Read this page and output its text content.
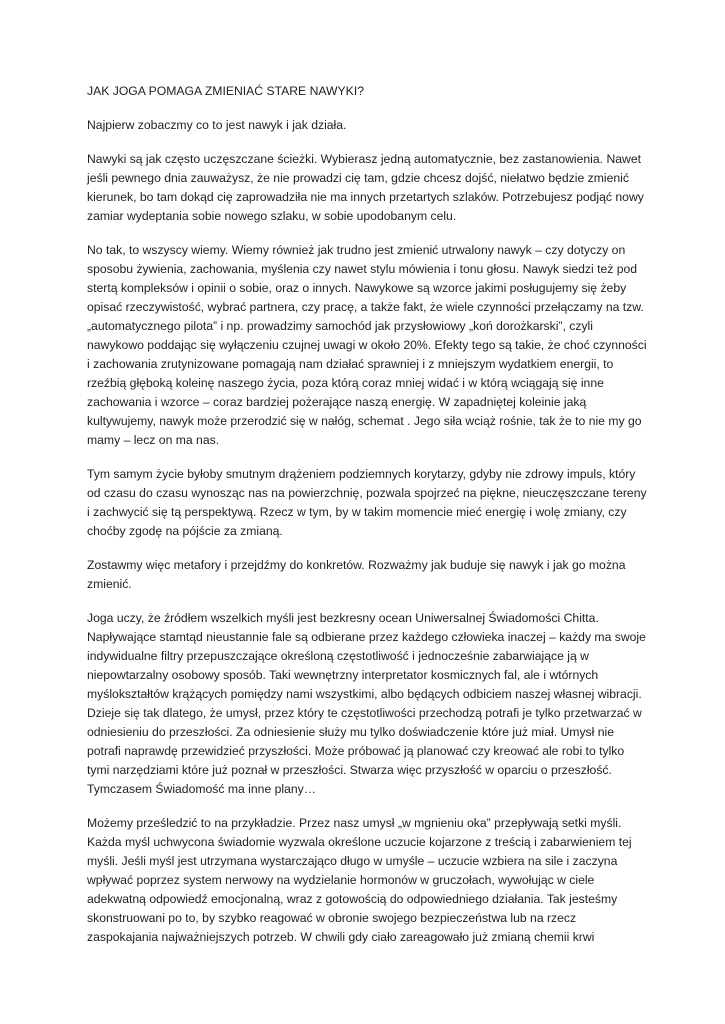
JAK JOGA POMAGA ZMIENIAĆ STARE NAWYKI?

Najpierw zobaczmy co to jest nawyk i jak działa.

Nawyki są jak często uczęszczane ścieżki. Wybierasz jedną automatycznie, bez zastanowienia. Nawet jeśli pewnego dnia zauważysz, że nie prowadzi cię tam, gdzie chcesz dojść, niełatwo będzie zmienić kierunek, bo tam dokąd cię zaprowadziła nie ma innych przetartych szlaków. Potrzebujesz podjąć nowy zamiar wydeptania sobie nowego szlaku, w sobie upodobanym celu.

No tak, to wszyscy wiemy. Wiemy również jak trudno jest zmienić utrwalony nawyk – czy dotyczy on sposobu żywienia, zachowania, myślenia czy nawet stylu mówienia i tonu głosu. Nawyk siedzi też pod stertą kompleksów i opinii o sobie, oraz o innych. Nawykowe są wzorce jakimi posługujemy się żeby opisać rzeczywistość, wybrać partnera, czy pracę, a także fakt, że wiele czynności przełączamy na tzw. „automatycznego pilota” i np. prowadzimy samochód jak przysłowiowy „koń dorożkarski”, czyli nawykowo poddając się wyłączeniu czujnej uwagi w około 20%. Efekty tego są takie, że choć czynności i zachowania zrutynizowane pomagają nam działać sprawniej i z mniejszym wydatkiem energii, to rzeźbią głęboką koleinę naszego życia, poza którą coraz mniej widać i w którą wciągają się inne zachowania i wzorce – coraz bardziej pożerające naszą energię. W zapadniętej koleinie jaką kultywujemy, nawyk może przerodzić się w nałóg, schemat . Jego siła wciąż rośnie, tak że to nie my go mamy – lecz on ma nas.

Tym samym życie byłoby smutnym drążeniem podziemnych korytarzy, gdyby nie zdrowy impuls, który od czasu do czasu wynosząc nas na powierzchnię, pozwala spojrzeć na piękne, nieuczęszczane tereny i zachwycić się tą perspektywą. Rzecz w tym, by w takim momencie mieć energię i wolę zmiany, czy choćby zgodę na pójście za zmianą.

Zostawmy więc metafory i przejdźmy do konkretów. Rozważmy jak buduje się nawyk i jak go można zmienić.

Joga uczy, że źródłem wszelkich myśli jest bezkresny ocean Uniwersalnej Świadomości Chitta. Napływające stamtąd nieustannie fale są odbierane przez każdego człowieka inaczej – każdy ma swoje indywidualne filtry przepuszczające określoną częstotliwość i jednocześnie zabarwiające ją w niepowtarzalny osobowy sposób. Taki wewnętrzny interpretator kosmicznych fal, ale i wtórnych myślokształtów krążących pomiędzy nami wszystkimi, albo będących odbiciem naszej własnej wibracji. Dzieje się tak dlatego, że umysł, przez który te częstotliwości przechodzą potrafi je tylko przetwarzać w odniesieniu do przeszłości. Za odniesienie służy mu tylko doświadczenie które już miał. Umysł nie potrafi naprawdę przewidzieć przyszłości. Może próbować ją planować czy kreować ale robi to tylko tymi narzędziami które już poznał w przeszłości. Stwarza więc przyszłość w oparciu o przeszłość. Tymczasem Świadomość ma inne plany…

Możemy prześledzić to na przykładzie. Przez nasz umysł „w mgnieniu oka” przepływają setki myśli. Każda myśl uchwycona świadomie wyzwala określone uczucie kojarzone z treścią i zabarwieniem tej myśli. Jeśli myśl jest utrzymana wystarczająco długo w umyśle – uczucie wzbiera na sile i zaczyna wpływać poprzez system nerwowy na wydzielanie hormonów w gruczołach, wywołując w ciele adekwatną odpowiedź emocjonalną, wraz z gotowością do odpowiedniego działania. Tak jesteśmy skonstruowani po to, by szybko reagować w obronie swojego bezpieczeństwa lub na rzecz zaspokajania najważniejszych potrzeb. W chwili gdy ciało zareagowało już zmianą chemii krwi
